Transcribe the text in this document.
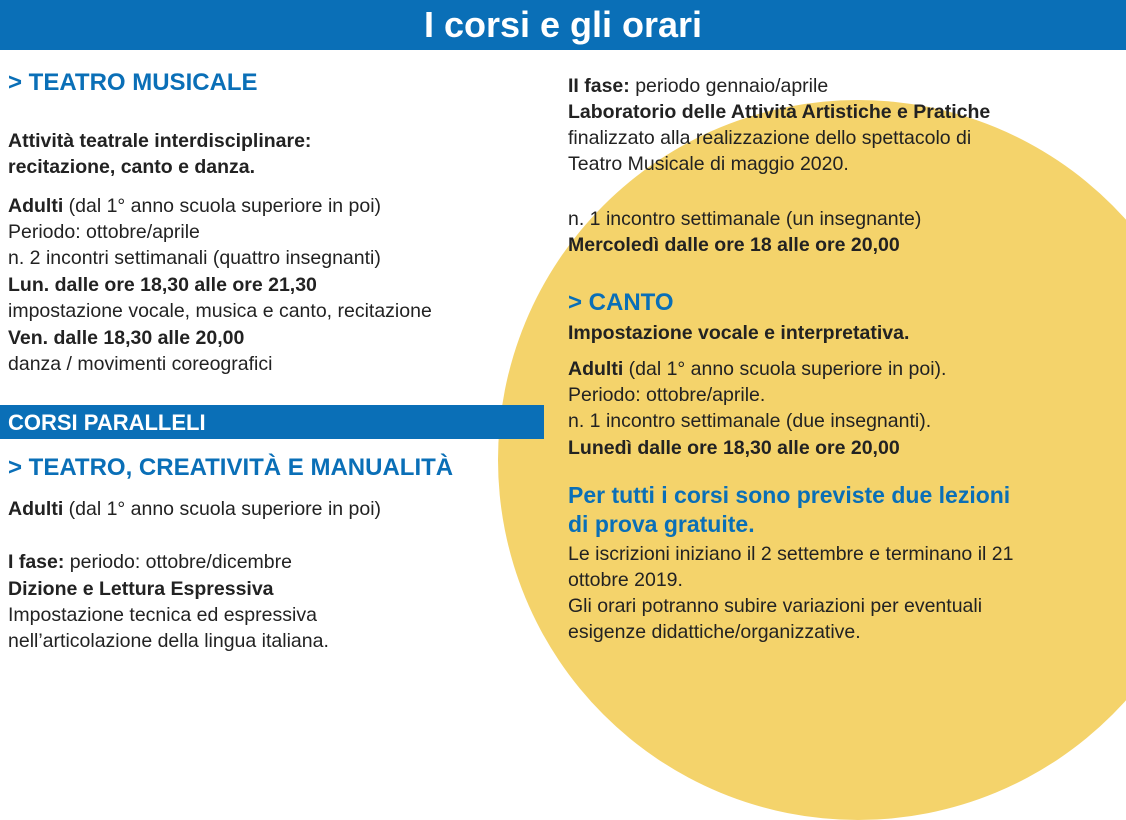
I corsi e gli orari
> TEATRO MUSICALE
Attività teatrale interdisciplinare:
recitazione, canto e danza.
Adulti (dal 1° anno scuola superiore in poi)
Periodo: ottobre/aprile
n. 2 incontri settimanali (quattro insegnanti)
Lun. dalle ore 18,30 alle ore 21,30
impostazione vocale, musica e canto, recitazione
Ven. dalle 18,30 alle 20,00
danza / movimenti coreografici
> TEATRO, CREATIVITÀ E MANUALITÀ
Adulti (dal 1° anno scuola superiore in poi)
I fase: periodo: ottobre/dicembre
Dizione e Lettura Espressiva
Impostazione tecnica ed espressiva
nell’articolazione della lingua italiana.
CORSI PARALLELI
II fase: periodo gennaio/aprile
Laboratorio delle Attività Artistiche e Pratiche
finalizzato alla realizzazione dello spettacolo di
Teatro Musicale di maggio 2020.
n. 1 incontro settimanale (un insegnante)
Mercoledì dalle ore 18 alle ore 20,00
> CANTO
Impostazione vocale e interpretativa.
Adulti (dal 1° anno scuola superiore in poi).
Periodo: ottobre/aprile.
n. 1 incontro settimanale (due insegnanti).
Lunedì dalle ore 18,30 alle ore 20,00
Per tutti i corsi sono previste due lezioni
di prova gratuite.
Le iscrizioni iniziano il 2 settembre e terminano il 21
ottobre 2019.
Gli orari potranno subire variazioni per eventuali
esigenze didattiche/organizzative.
